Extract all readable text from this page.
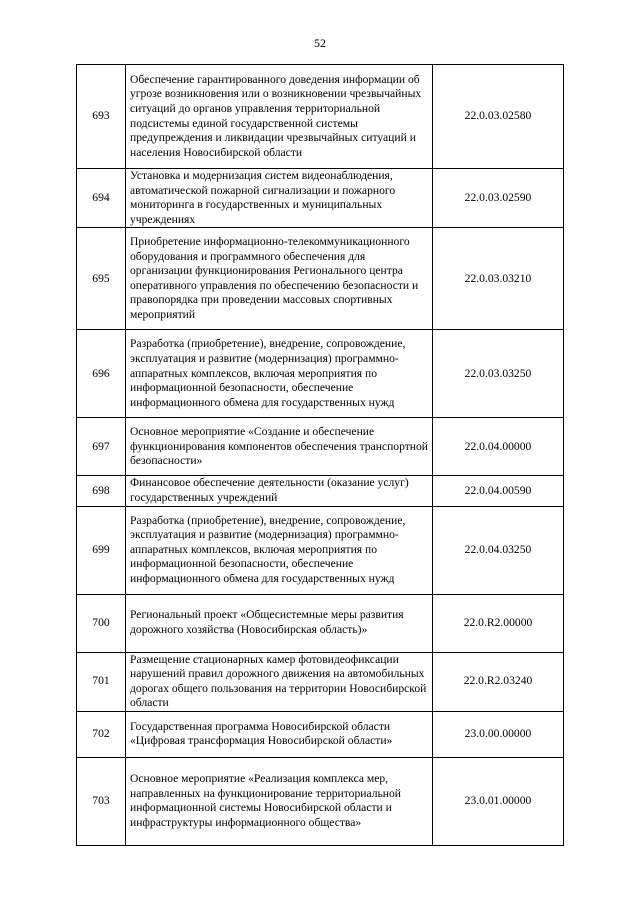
52
693	Обеспечение гарантированного доведения информации об угрозе возникновения или о возникновении чрезвычайных ситуаций до органов управления территориальной подсистемы единой государственной системы предупреждения и ликвидации чрезвычайных ситуаций и населения Новосибирской области	22.0.03.02580
694	Установка и модернизация систем видеонаблюдения, автоматической пожарной сигнализации и пожарного мониторинга в государственных и муниципальных учреждениях	22.0.03.02590
695	Приобретение информационно-телекоммуникационного оборудования и программного обеспечения для организации функционирования Регионального центра оперативного управления по обеспечению безопасности и правопорядка при проведении массовых спортивных мероприятий	22.0.03.03210
696	Разработка (приобретение), внедрение, сопровождение, эксплуатация и развитие (модернизация) программно-аппаратных комплексов, включая мероприятия по информационной безопасности, обеспечение информационного обмена для государственных нужд	22.0.03.03250
697	Основное мероприятие «Создание и обеспечение функционирования компонентов обеспечения транспортной безопасности»	22.0.04.00000
698	Финансовое обеспечение деятельности (оказание услуг) государственных учреждений	22.0.04.00590
699	Разработка (приобретение), внедрение, сопровождение, эксплуатация и развитие (модернизация) программно-аппаратных комплексов, включая мероприятия по информационной безопасности, обеспечение информационного обмена для государственных нужд	22.0.04.03250
700	Региональный проект «Общесистемные меры развития дорожного хозяйства (Новосибирская область)»	22.0.R2.00000
701	Размещение стационарных камер фотовидеофиксации нарушений правил дорожного движения на автомобильных дорогах общего пользования на территории Новосибирской области	22.0.R2.03240
702	Государственная программа Новосибирской области «Цифровая трансформация Новосибирской области»	23.0.00.00000
703	Основное мероприятие «Реализация комплекса мер, направленных на функционирование территориальной информационной системы Новосибирской области и инфраструктуры информационного общества»	23.0.01.00000
